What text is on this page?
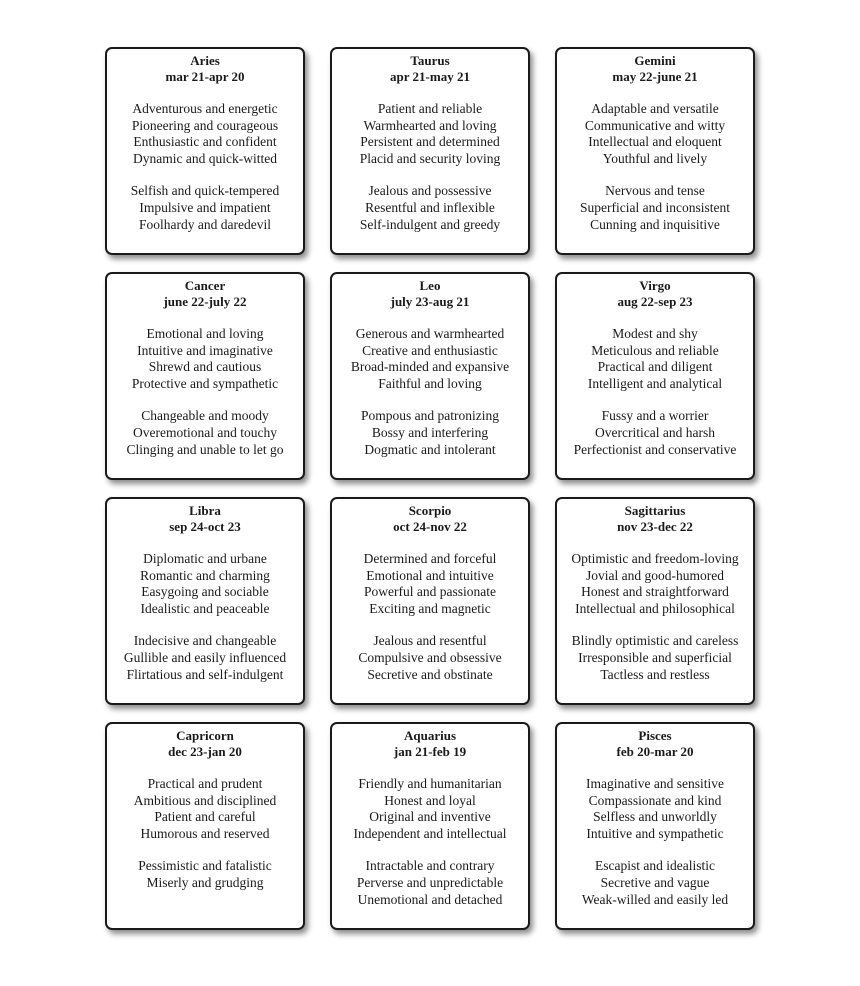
Aries
mar 21-apr 20
Adventurous and energetic
Pioneering and courageous
Enthusiastic and confident
Dynamic and quick-witted
Selfish and quick-tempered
Impulsive and impatient
Foolhardy and daredevil
Taurus
apr 21-may 21
Patient and reliable
Warmhearted and loving
Persistent and determined
Placid and security loving
Jealous and possessive
Resentful and inflexible
Self-indulgent and greedy
Gemini
may 22-june 21
Adaptable and versatile
Communicative and witty
Intellectual and eloquent
Youthful and lively
Nervous and tense
Superficial and inconsistent
Cunning and inquisitive
Cancer
june 22-july 22
Emotional and loving
Intuitive and imaginative
Shrewd and cautious
Protective and sympathetic
Changeable and moody
Overemotional and touchy
Clinging and unable to let go
Leo
july 23-aug 21
Generous and warmhearted
Creative and enthusiastic
Broad-minded and expansive
Faithful and loving
Pompous and patronizing
Bossy and interfering
Dogmatic and intolerant
Virgo
aug 22-sep 23
Modest and shy
Meticulous and reliable
Practical and diligent
Intelligent and analytical
Fussy and a worrier
Overcritical and harsh
Perfectionist and conservative
Libra
sep 24-oct 23
Diplomatic and urbane
Romantic and charming
Easygoing and sociable
Idealistic and peaceable
Indecisive and changeable
Gullible and easily influenced
Flirtatious and self-indulgent
Scorpio
oct 24-nov 22
Determined and forceful
Emotional and intuitive
Powerful and passionate
Exciting and magnetic
Jealous and resentful
Compulsive and obsessive
Secretive and obstinate
Sagittarius
nov 23-dec 22
Optimistic and freedom-loving
Jovial and good-humored
Honest and straightforward
Intellectual and philosophical
Blindly optimistic and careless
Irresponsible and superficial
Tactless and restless
Capricorn
dec 23-jan 20
Practical and prudent
Ambitious and disciplined
Patient and careful
Humorous and reserved
Pessimistic and fatalistic
Miserly and grudging
Aquarius
jan 21-feb 19
Friendly and humanitarian
Honest and loyal
Original and inventive
Independent and intellectual
Intractable and contrary
Perverse and unpredictable
Unemotional and detached
Pisces
feb 20-mar 20
Imaginative and sensitive
Compassionate and kind
Selfless and unworldly
Intuitive and sympathetic
Escapist and idealistic
Secretive and vague
Weak-willed and easily led
